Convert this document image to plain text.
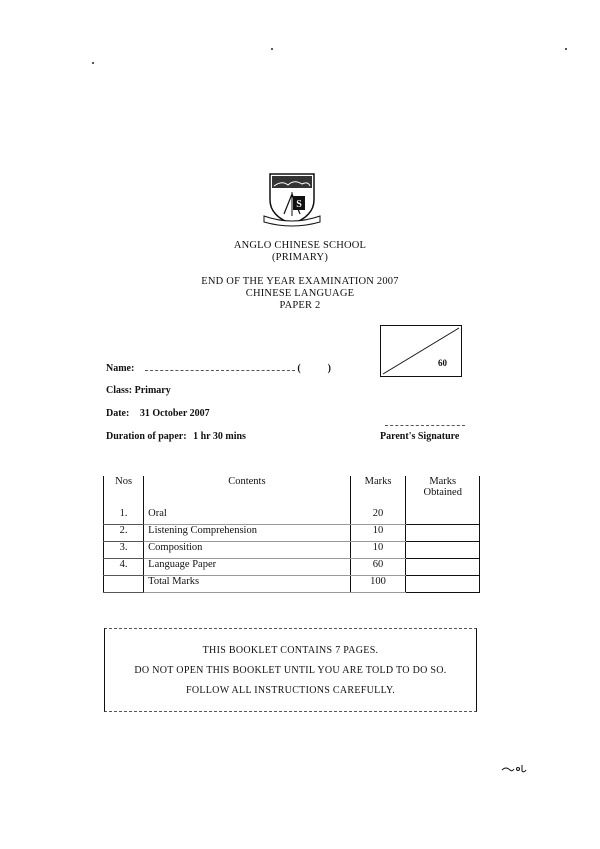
S
ANGLO CHINESE SCHOOL
(PRIMARY)
END OF THE YEAR EXAMINATION 2007
CHINESE LANGUAGE
PAPER 2
60
Name:	(	)
Class: Primary
Date: 31 October 2007
Duration of paper: 1 hr 30 mins	Parent's Signature
Nos	Contents	Marks	Marks Obtained
1.	Oral	20	
2.	Listening Comprehension	10	
3.	Composition	10	
4.	Language Paper	60	
	Total Marks	100	
THIS BOOKLET CONTAINS 7 PAGES.
DO NOT OPEN THIS BOOKLET UNTIL YOU ARE TOLD TO DO SO.
FOLLOW ALL INSTRUCTIONS CAREFULLY.
